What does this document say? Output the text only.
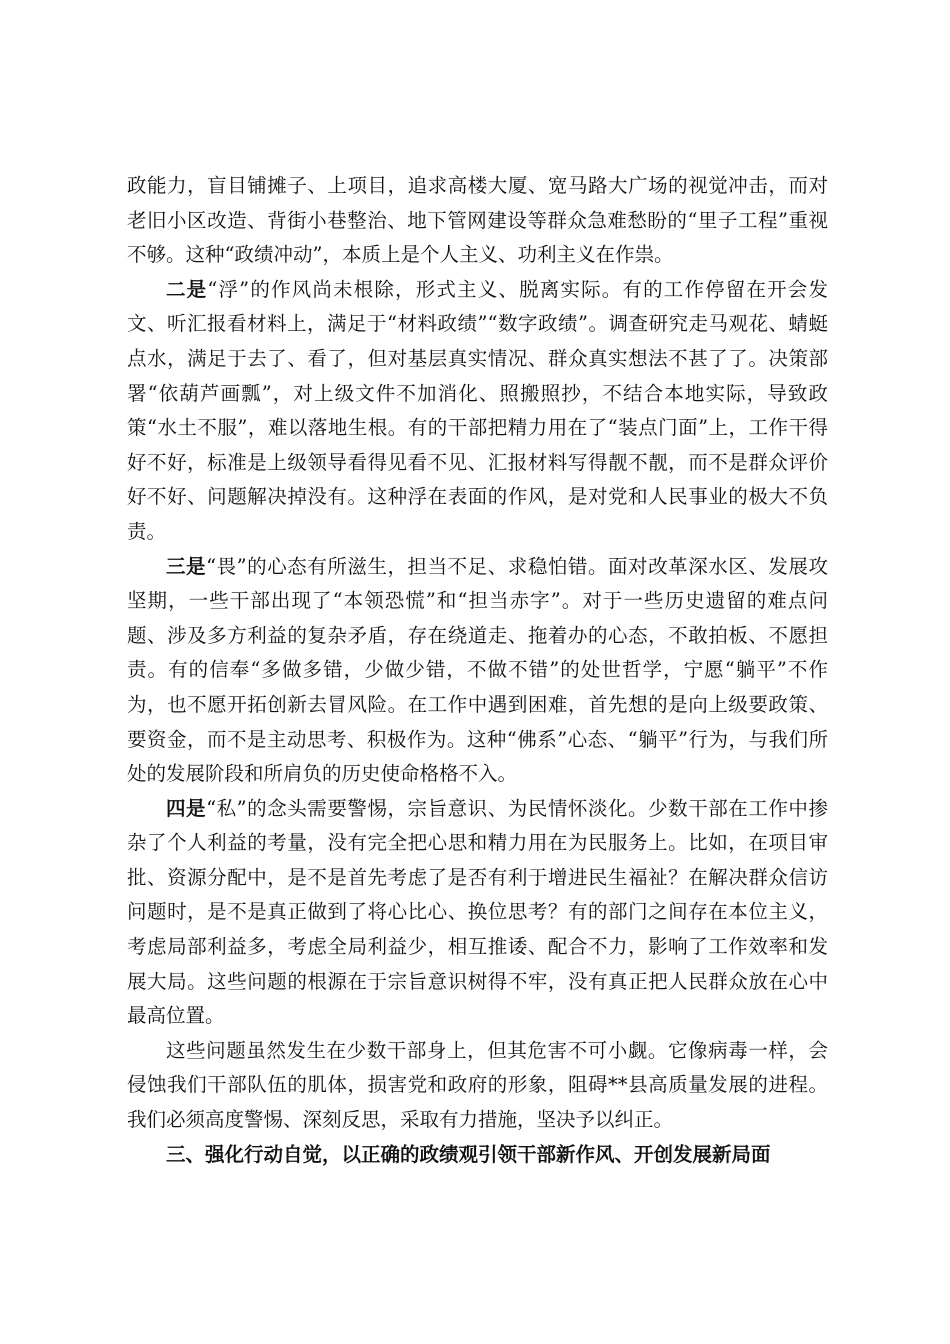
政能力，盲目铺摊子、上项目，追求高楼大厦、宽马路大广场的视觉冲击，而对老旧小区改造、背街小巷整治、地下管网建设等群众急难愁盼的“里子工程”重视不够。这种“政绩冲动”，本质上是个人主义、功利主义在作祟。

二是“浮”的作风尚未根除，形式主义、脱离实际。有的工作停留在开会发文、听汇报看材料上，满足于“材料政绩”“数字政绩”。调查研究走马观花、蜻蜓点水，满足于去了、看了，但对基层真实情况、群众真实想法不甚了了。决策部署“依葫芦画瓢”，对上级文件不加消化、照搬照抄，不结合本地实际，导致政策“水土不服”，难以落地生根。有的干部把精力用在了“装点门面”上，工作干得好不好，标准是上级领导看得见看不见、汇报材料写得靓不靓，而不是群众评价好不好、问题解决掉没有。这种浮在表面的作风，是对党和人民事业的极大不负责。

三是“畏”的心态有所滋生，担当不足、求稳怕错。面对改革深水区、发展攻坚期，一些干部出现了“本领恐慌”和“担当赤字”。对于一些历史遗留的难点问题、涉及多方利益的复杂矛盾，存在绕道走、拖着办的心态，不敢拍板、不愿担责。有的信奉“多做多错，少做少错，不做不错”的处世哲学，宁愿“躺平”不作为，也不愿开拓创新去冒风险。在工作中遇到困难，首先想的是向上级要政策、要资金，而不是主动思考、积极作为。这种“佛系”心态、“躺平”行为，与我们所处的发展阶段和所肩负的历史使命格格不入。

四是“私”的念头需要警惕，宗旨意识、为民情怀淡化。少数干部在工作中掺杂了个人利益的考量，没有完全把心思和精力用在为民服务上。比如，在项目审批、资源分配中，是不是首先考虑了是否有利于增进民生福祉？在解决群众信访问题时，是不是真正做到了将心比心、换位思考？有的部门之间存在本位主义，考虑局部利益多，考虑全局利益少，相互推诿、配合不力，影响了工作效率和发展大局。这些问题的根源在于宗旨意识树得不牢，没有真正把人民群众放在心中最高位置。

这些问题虽然发生在少数干部身上，但其危害不可小觑。它像病毒一样，会侵蚀我们干部队伍的肌体，损害党和政府的形象，阻碍**县高质量发展的进程。我们必须高度警惕、深刻反思，采取有力措施，坚决予以纠正。

三、强化行动自觉，以正确的政绩观引领干部新作风、开创发展新局面
